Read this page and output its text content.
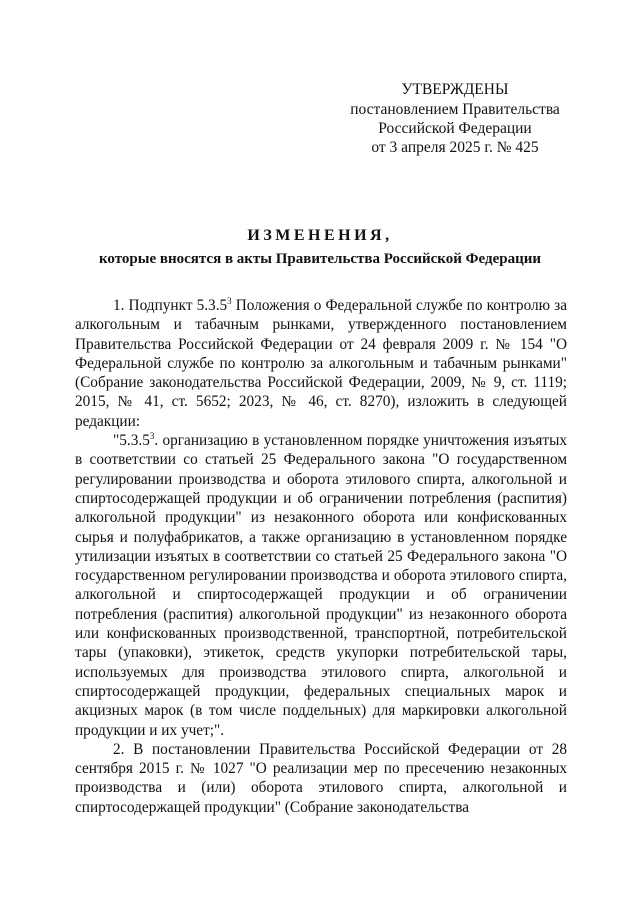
УТВЕРЖДЕНЫ
постановлением Правительства
Российской Федерации
от 3 апреля 2025 г. № 425
ИЗМЕНЕНИЯ,
которые вносятся в акты Правительства Российской Федерации

1. Подпункт 5.3.5$^3$ Положения о Федеральной службе по контролю за алкогольным и табачным рынками, утвержденного постановлением Правительства Российской Федерации от 24 февраля 2009 г. № 154 "О Федеральной службе по контролю за алкогольным и табачным рынками" (Собрание законодательства Российской Федерации, 2009, № 9, ст. 1119; 2015, № 41, ст. 5652; 2023, № 46, ст. 8270), изложить в следующей редакции:

"5.3.5$^3$. организацию в установленном порядке уничтожения изъятых в соответствии со статьей 25 Федерального закона "О государственном регулировании производства и оборота этилового спирта, алкогольной и спиртосодержащей продукции и об ограничении потребления (распития) алкогольной продукции" из незаконного оборота или конфискованных сырья и полуфабрикатов, а также организацию в установленном порядке утилизации изъятых в соответствии со статьей 25 Федерального закона "О государственном регулировании производства и оборота этилового спирта, алкогольной и спиртосодержащей продукции и об ограничении потребления (распития) алкогольной продукции" из незаконного оборота или конфискованных производственной, транспортной, потребительской тары (упаковки), этикеток, средств укупорки потребительской тары, используемых для производства этилового спирта, алкогольной и спиртосодержащей продукции, федеральных специальных марок и акцизных марок (в том числе поддельных) для маркировки алкогольной продукции и их учет;".

2. В постановлении Правительства Российской Федерации от 28 сентября 2015 г. № 1027 "О реализации мер по пресечению незаконных производства и (или) оборота этилового спирта, алкогольной и спиртосодержащей продукции" (Собрание законодательства
